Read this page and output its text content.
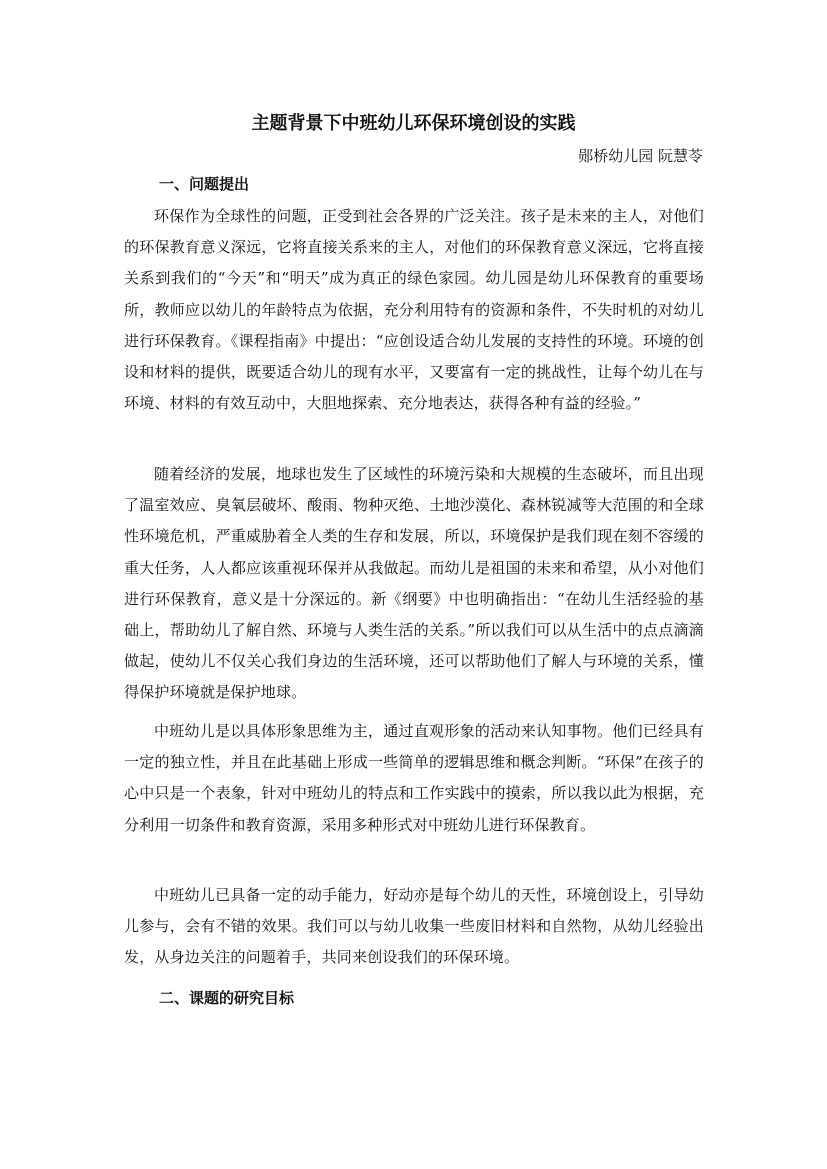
主题背景下中班幼儿环保环境创设的实践

郧桥幼儿园 阮慧苓

一、问题提出

环保作为全球性的问题，正受到社会各界的广泛关注。孩子是未来的主人，对他们的环保教育意义深远，它将直接关系来的主人，对他们的环保教育意义深远，它将直接关系到我们的“今天”和“明天”成为真正的绿色家园。幼儿园是幼儿环保教育的重要场所，教师应以幼儿的年龄特点为依据，充分利用特有的资源和条件，不失时机的对幼儿进行环保教育。《课程指南》中提出：“应创设适合幼儿发展的支持性的环境。环境的创设和材料的提供，既要适合幼儿的现有水平，又要富有一定的挑战性，让每个幼儿在与环境、材料的有效互动中，大胆地探索、充分地表达，获得各种有益的经验。”

随着经济的发展，地球也发生了区域性的环境污染和大规模的生态破坏，而且出现了温室效应、臭氧层破坏、酸雨、物种灭绝、土地沙漠化、森林锐减等大范围的和全球性环境危机，严重威胁着全人类的生存和发展，所以，环境保护是我们现在刻不容缓的重大任务，人人都应该重视环保并从我做起。而幼儿是祖国的未来和希望，从小对他们进行环保教育，意义是十分深远的。新《纲要》中也明确指出：“在幼儿生活经验的基础上，帮助幼儿了解自然、环境与人类生活的关系。”所以我们可以从生活中的点点滴滴做起，使幼儿不仅关心我们身边的生活环境，还可以帮助他们了解人与环境的关系，懂得保护环境就是保护地球。

中班幼儿是以具体形象思维为主，通过直观形象的活动来认知事物。他们已经具有一定的独立性，并且在此基础上形成一些简单的逻辑思维和概念判断。“环保”在孩子的心中只是一个表象，针对中班幼儿的特点和工作实践中的摸索，所以我以此为根据，充分利用一切条件和教育资源，采用多种形式对中班幼儿进行环保教育。

中班幼儿已具备一定的动手能力，好动亦是每个幼儿的天性，环境创设上，引导幼儿参与，会有不错的效果。我们可以与幼儿收集一些废旧材料和自然物，从幼儿经验出发，从身边关注的问题着手，共同来创设我们的环保环境。

二、课题的研究目标
